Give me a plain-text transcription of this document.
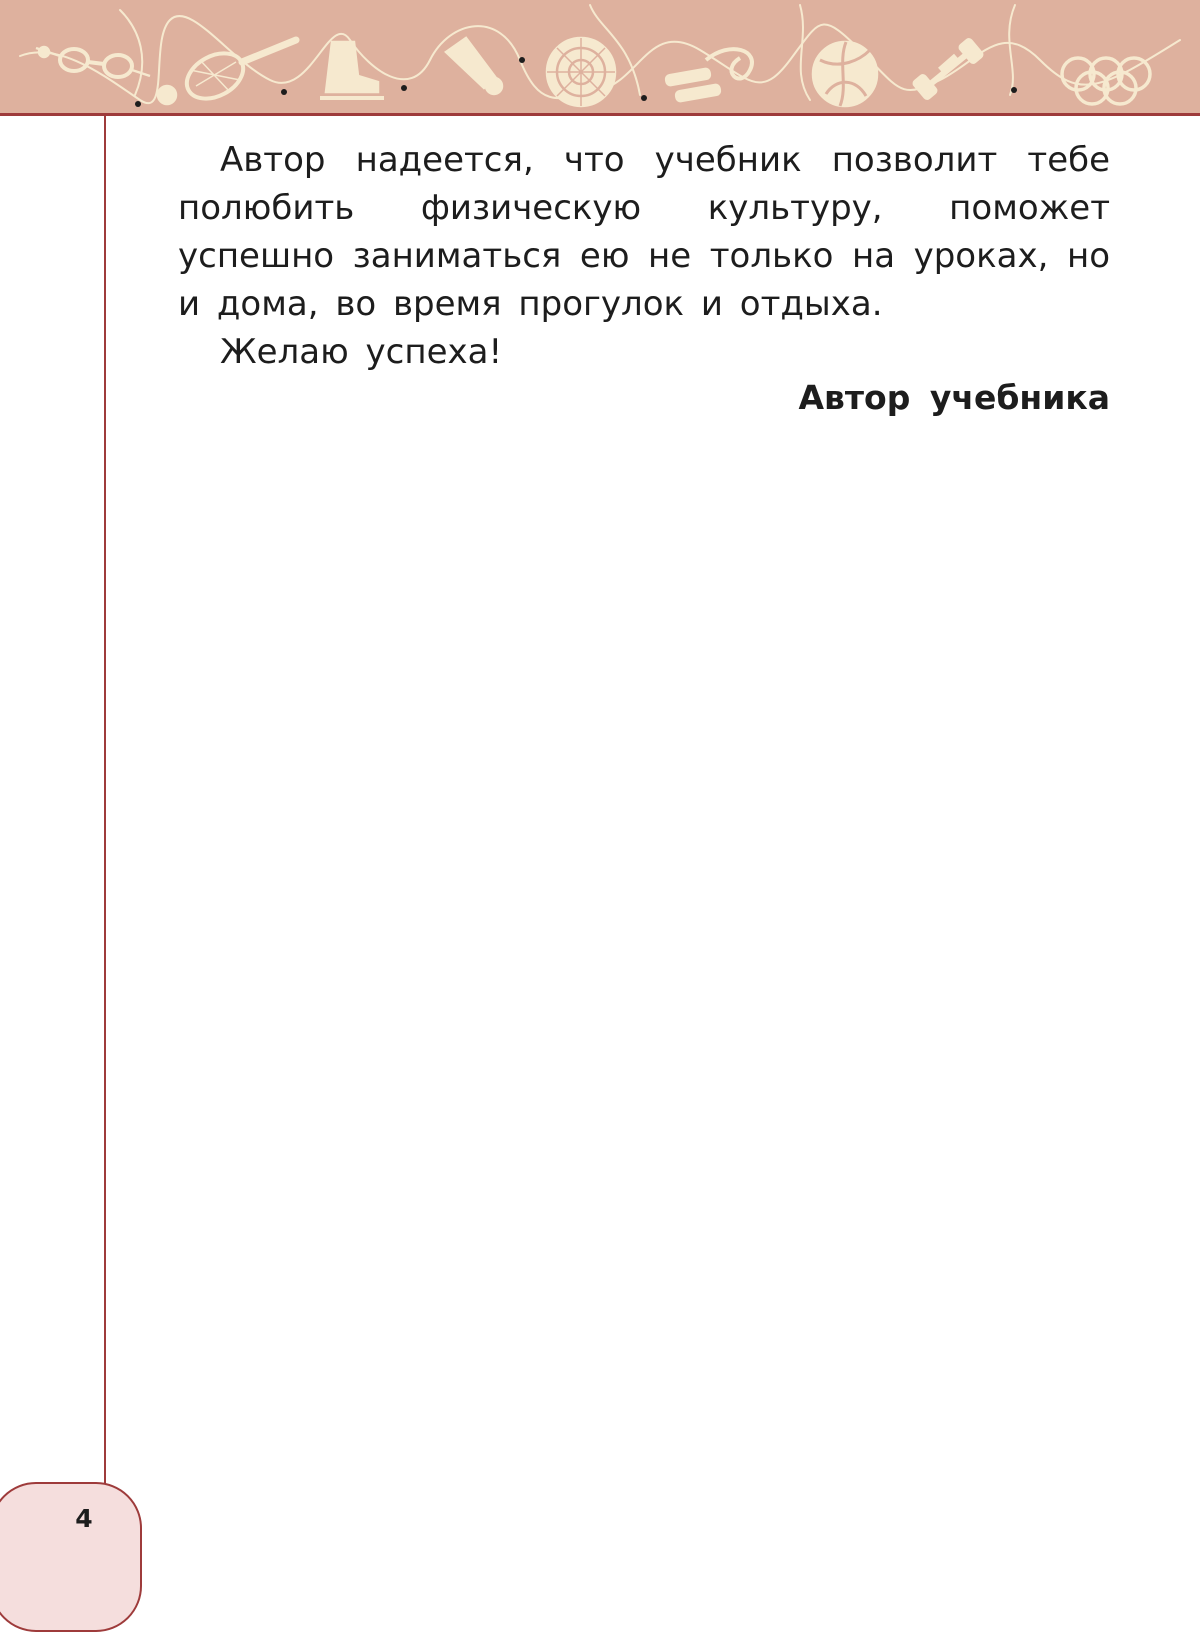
4

Автор надеется, что учебник позволит тебе полюбить физическую культуру, поможет успешно заниматься ею не только на уроках, но и дома, во время прогулок и отдыха.

Желаю успеха!

Автор учебника
